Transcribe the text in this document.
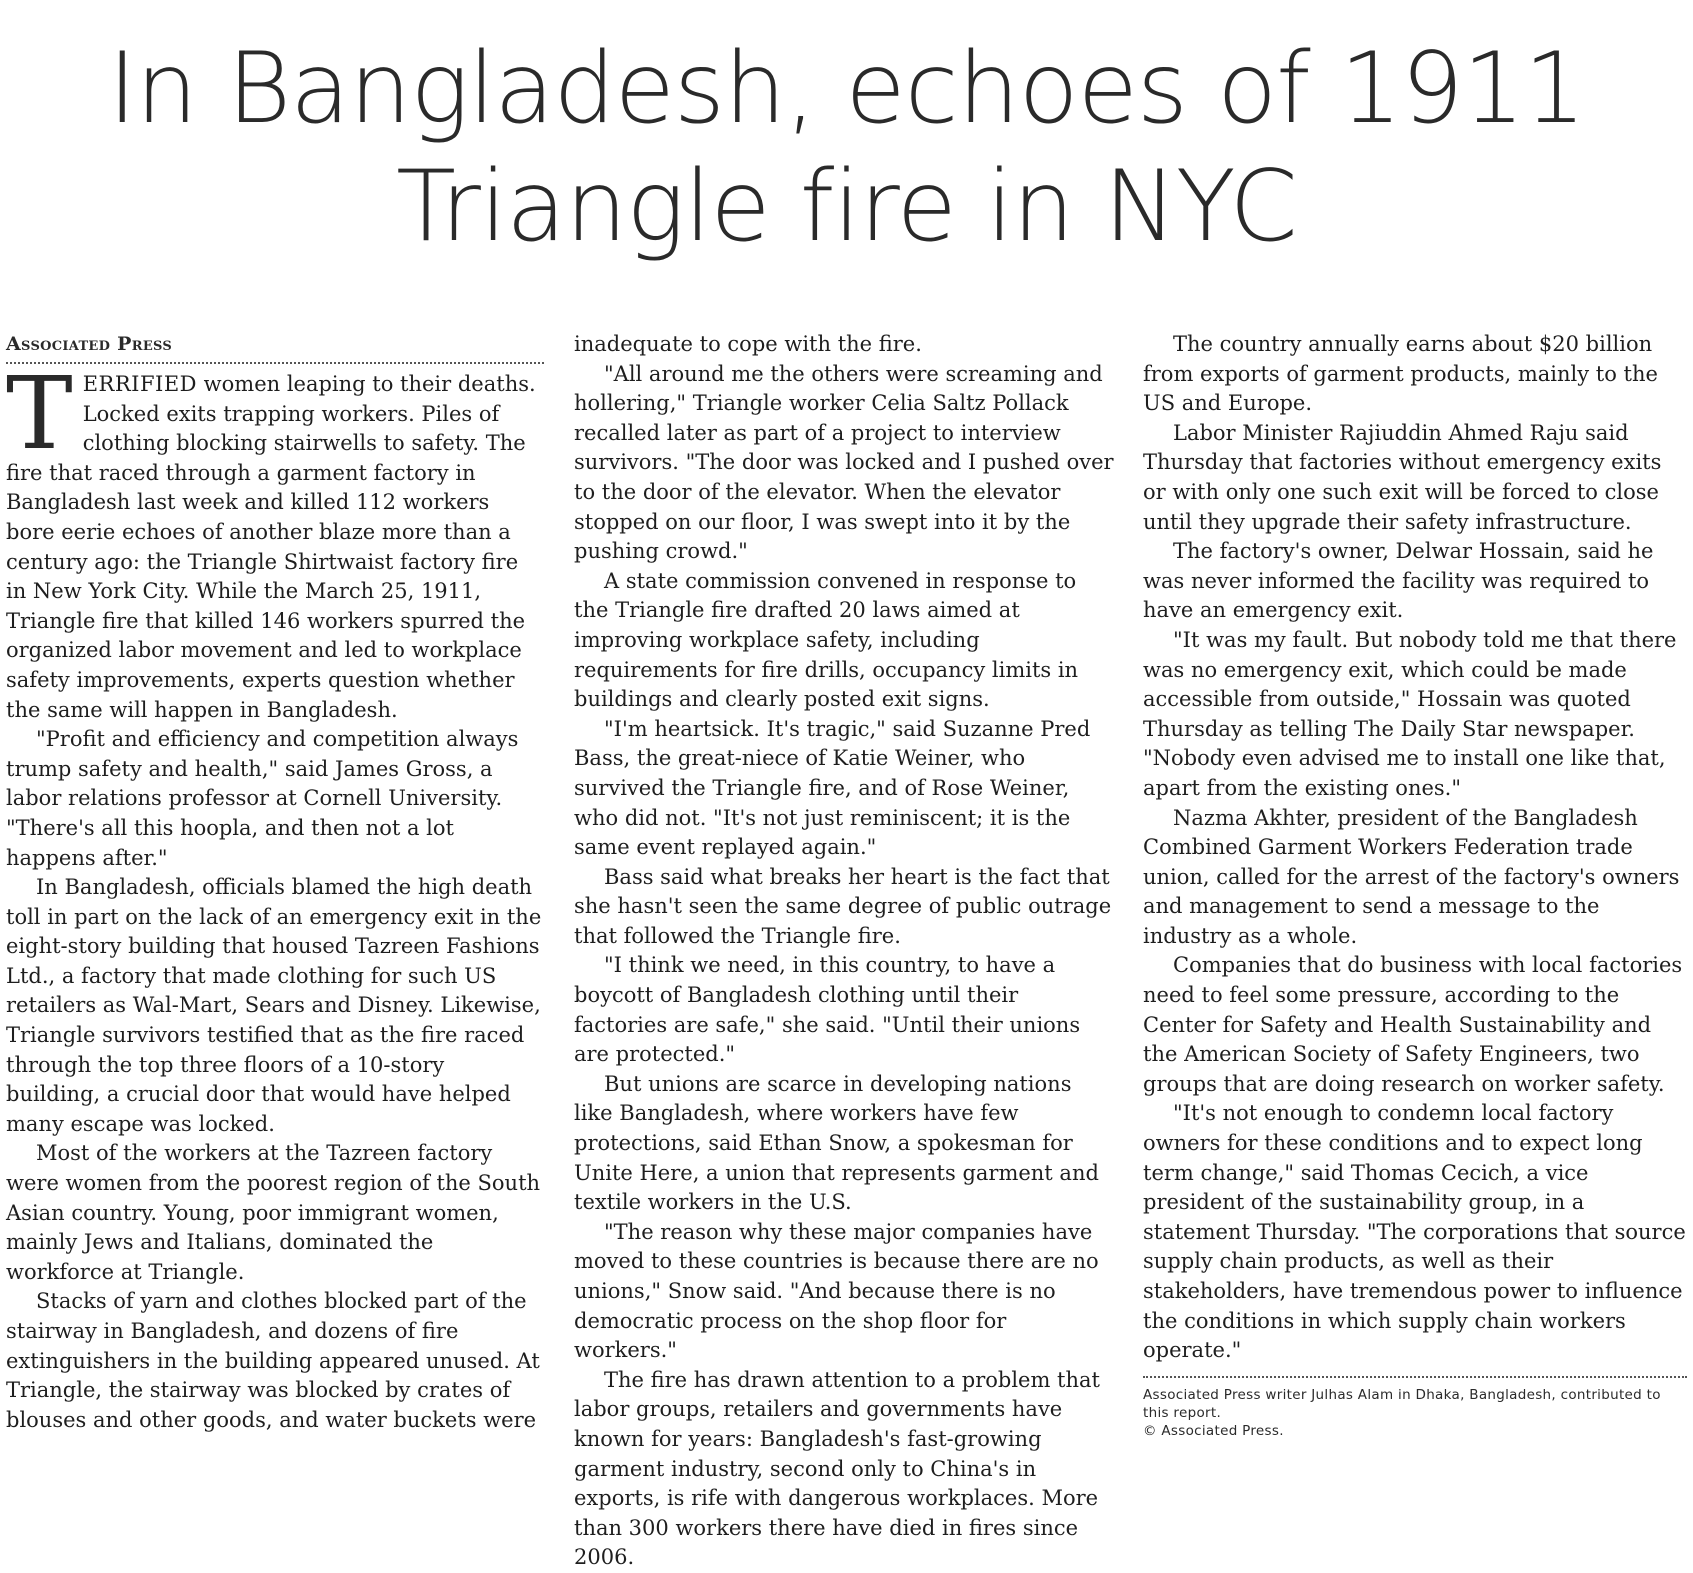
In Bangladesh, echoes of 1911
Triangle fire in NYC
Associated Press

TERRIFIED women leaping to their deaths. Locked exits trapping workers. Piles of clothing blocking stairwells to safety. The fire that raced through a garment factory in Bangladesh last week and killed 112 workers bore eerie echoes of another blaze more than a century ago: the Triangle Shirtwaist factory fire in New York City. While the March 25, 1911, Triangle fire that killed 146 workers spurred the organized labor movement and led to workplace safety improvements, experts question whether the same will happen in Bangladesh.

"Profit and efficiency and competition always trump safety and health," said James Gross, a labor relations professor at Cornell University. "There's all this hoopla, and then not a lot happens after."

In Bangladesh, officials blamed the high death toll in part on the lack of an emergency exit in the eight-story building that housed Tazreen Fashions Ltd., a factory that made clothing for such US retailers as Wal-Mart, Sears and Disney. Likewise, Triangle survivors testified that as the fire raced through the top three floors of a 10-story building, a crucial door that would have helped many escape was locked.

Most of the workers at the Tazreen factory were women from the poorest region of the South Asian country. Young, poor immigrant women, mainly Jews and Italians, dominated the workforce at Triangle.

Stacks of yarn and clothes blocked part of the stairway in Bangladesh, and dozens of fire extinguishers in the building appeared unused. At Triangle, the stairway was blocked by crates of blouses and other goods, and water buckets were

inadequate to cope with the fire.

"All around me the others were screaming and hollering," Triangle worker Celia Saltz Pollack recalled later as part of a project to interview survivors. "The door was locked and I pushed over to the door of the elevator. When the elevator stopped on our floor, I was swept into it by the pushing crowd."

A state commission convened in response to the Triangle fire drafted 20 laws aimed at improving workplace safety, including requirements for fire drills, occupancy limits in buildings and clearly posted exit signs.

"I'm heartsick. It's tragic," said Suzanne Pred Bass, the great-niece of Katie Weiner, who survived the Triangle fire, and of Rose Weiner, who did not. "It's not just reminiscent; it is the same event replayed again."

Bass said what breaks her heart is the fact that she hasn't seen the same degree of public outrage that followed the Triangle fire.

"I think we need, in this country, to have a boycott of Bangladesh clothing until their factories are safe," she said. "Until their unions are protected."

But unions are scarce in developing nations like Bangladesh, where workers have few protections, said Ethan Snow, a spokesman for Unite Here, a union that represents garment and textile workers in the U.S.

"The reason why these major companies have moved to these countries is because there are no unions," Snow said. "And because there is no democratic process on the shop floor for workers."

The fire has drawn attention to a problem that labor groups, retailers and governments have known for years: Bangladesh's fast-growing garment industry, second only to China's in exports, is rife with dangerous workplaces. More than 300 workers there have died in fires since 2006.

The country annually earns about $20 billion from exports of garment products, mainly to the US and Europe.

Labor Minister Rajiuddin Ahmed Raju said Thursday that factories without emergency exits or with only one such exit will be forced to close until they upgrade their safety infrastructure.

The factory's owner, Delwar Hossain, said he was never informed the facility was required to have an emergency exit.

"It was my fault. But nobody told me that there was no emergency exit, which could be made accessible from outside," Hossain was quoted Thursday as telling The Daily Star newspaper. "Nobody even advised me to install one like that, apart from the existing ones."

Nazma Akhter, president of the Bangladesh Combined Garment Workers Federation trade union, called for the arrest of the factory's owners and management to send a message to the industry as a whole.

Companies that do business with local factories need to feel some pressure, according to the Center for Safety and Health Sustainability and the American Society of Safety Engineers, two groups that are doing research on worker safety.

"It's not enough to condemn local factory owners for these conditions and to expect long term change," said Thomas Cecich, a vice president of the sustainability group, in a statement Thursday. "The corporations that source supply chain products, as well as their stakeholders, have tremendous power to influence the conditions in which supply chain workers operate."

Associated Press writer Julhas Alam in Dhaka, Bangladesh, contributed to this report.
© Associated Press.
